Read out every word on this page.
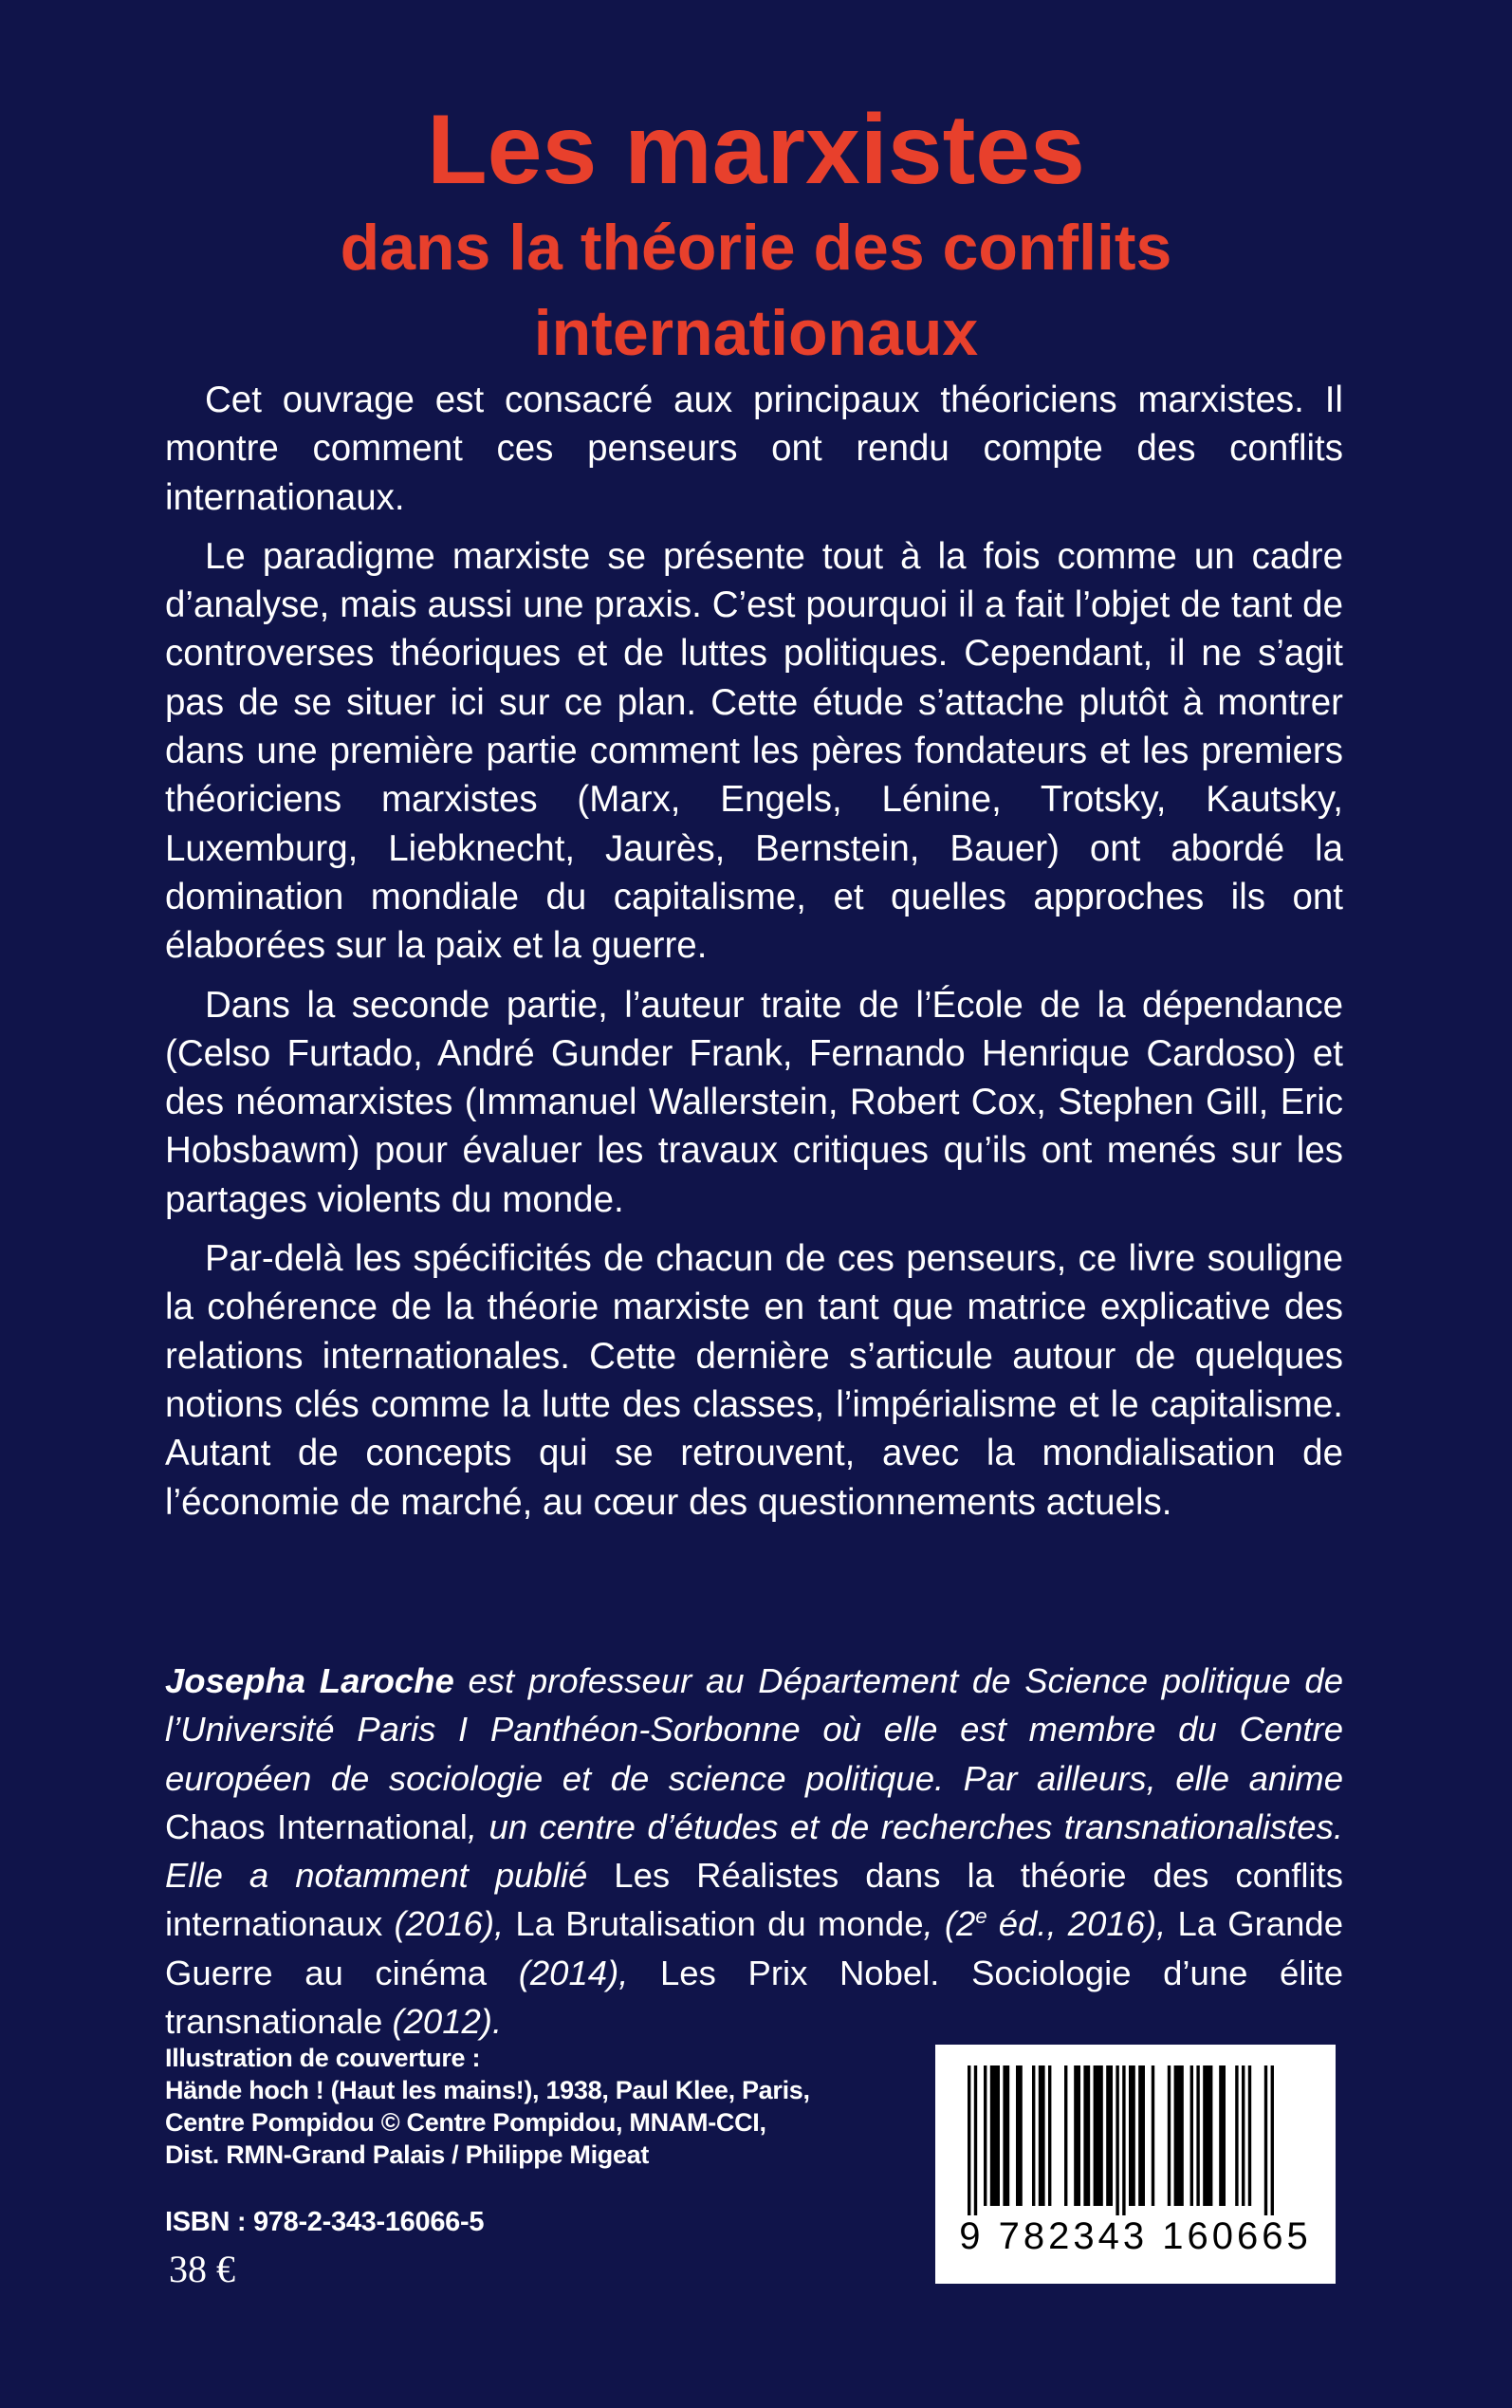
Les marxistes
dans la théorie des conflits
internationaux

Cet ouvrage est consacré aux principaux théoriciens marxistes. Il montre comment ces penseurs ont rendu compte des conflits internationaux.

Le paradigme marxiste se présente tout à la fois comme un cadre d’analyse, mais aussi une praxis. C’est pourquoi il a fait l’objet de tant de controverses théoriques et de luttes politiques. Cependant, il ne s’agit pas de se situer ici sur ce plan. Cette étude s’attache plutôt à montrer dans une première partie comment les pères fondateurs et les premiers théoriciens marxistes (Marx, Engels, Lénine, Trotsky, Kautsky, Luxemburg, Liebknecht, Jaurès, Bernstein, Bauer) ont abordé la domination mondiale du capitalisme, et quelles approches ils ont élaborées sur la paix et la guerre.

Dans la seconde partie, l’auteur traite de l’École de la dépendance (Celso Furtado, André Gunder Frank, Fernando Henrique Cardoso) et des néomarxistes (Immanuel Wallerstein, Robert Cox, Stephen Gill, Eric Hobsbawm) pour évaluer les travaux critiques qu’ils ont menés sur les partages violents du monde.

Par-delà les spécificités de chacun de ces penseurs, ce livre souligne la cohérence de la théorie marxiste en tant que matrice explicative des relations internationales. Cette dernière s’articule autour de quelques notions clés comme la lutte des classes, l’impérialisme et le capitalisme. Autant de concepts qui se retrouvent, avec la mondialisation de l’économie de marché, au cœur des questionnements actuels.

Josepha Laroche est professeur au Département de Science politique de l’Université Paris I Panthéon-Sorbonne où elle est membre du Centre européen de sociologie et de science politique. Par ailleurs, elle anime Chaos International, un centre d’études et de recherches transnationalistes. Elle a notamment publié Les Réalistes dans la théorie des conflits internationaux (2016), La Brutalisation du monde, (2e éd., 2016), La Grande Guerre au cinéma (2014), Les Prix Nobel. Sociologie d’une élite transnationale (2012).

Illustration de couverture :
Hände hoch ! (Haut les mains!), 1938, Paul Klee, Paris,
Centre Pompidou © Centre Pompidou, MNAM-CCI,
Dist. RMN-Grand Palais / Philippe Migeat
ISBN : 978-2-343-16066-5
38 €
9 782343 160665
